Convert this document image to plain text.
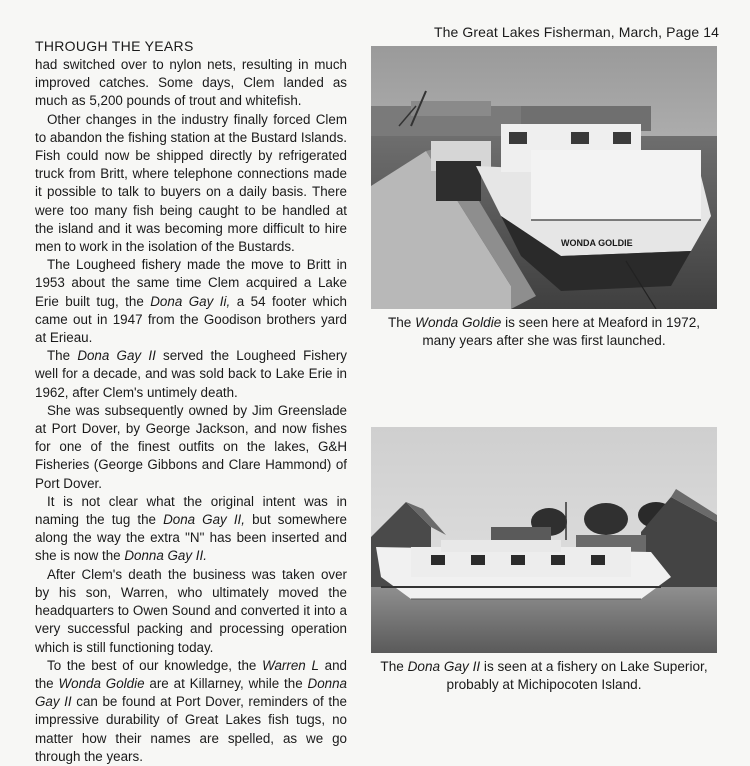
The Great Lakes Fisherman, March, Page 14
THROUGH THE YEARS

had switched over to nylon nets, resulting in much improved catches. Some days, Clem landed as much as 5,200 pounds of trout and whitefish.

Other changes in the industry finally forced Clem to abandon the fishing station at the Bustard Islands. Fish could now be shipped directly by refrigerated truck from Britt, where telephone connections made it possible to talk to buyers on a daily basis. There were too many fish being caught to be handled at the island and it was becoming more difficult to hire men to work in the isolation of the Bustards.

The Lougheed fishery made the move to Britt in 1953 about the same time Clem acquired a Lake Erie built tug, the Dona Gay Ii, a 54 footer which came out in 1947 from the Goodison brothers yard at Erieau.

The Dona Gay II served the Lougheed Fishery well for a decade, and was sold back to Lake Erie in 1962, after Clem's untimely death.

She was subsequently owned by Jim Greenslade at Port Dover, by George Jackson, and now fishes for one of the finest outfits on the lakes, G&H Fisheries (George Gibbons and Clare Hammond) of Port Dover.

It is not clear what the original intent was in naming the tug the Dona Gay II, but somewhere along the way the extra "N" has been inserted and she is now the Donna Gay II.

After Clem's death the business was taken over by his son, Warren, who ultimately moved the headquarters to Owen Sound and converted it into a very successful packing and processing operation which is still functioning today.

To the best of our knowledge, the Warren L and the Wonda Goldie are at Killarney, while the Donna Gay II can be found at Port Dover, reminders of the impressive durability of Great Lakes fish tugs, no matter how their names are spelled, as we go through the years.

WONDA GOLDIE
The Wonda Goldie is seen here at Meaford in 1972, many years after she was first launched.
The Dona Gay II is seen at a fishery on Lake Superior, probably at Michipocoten Island.
